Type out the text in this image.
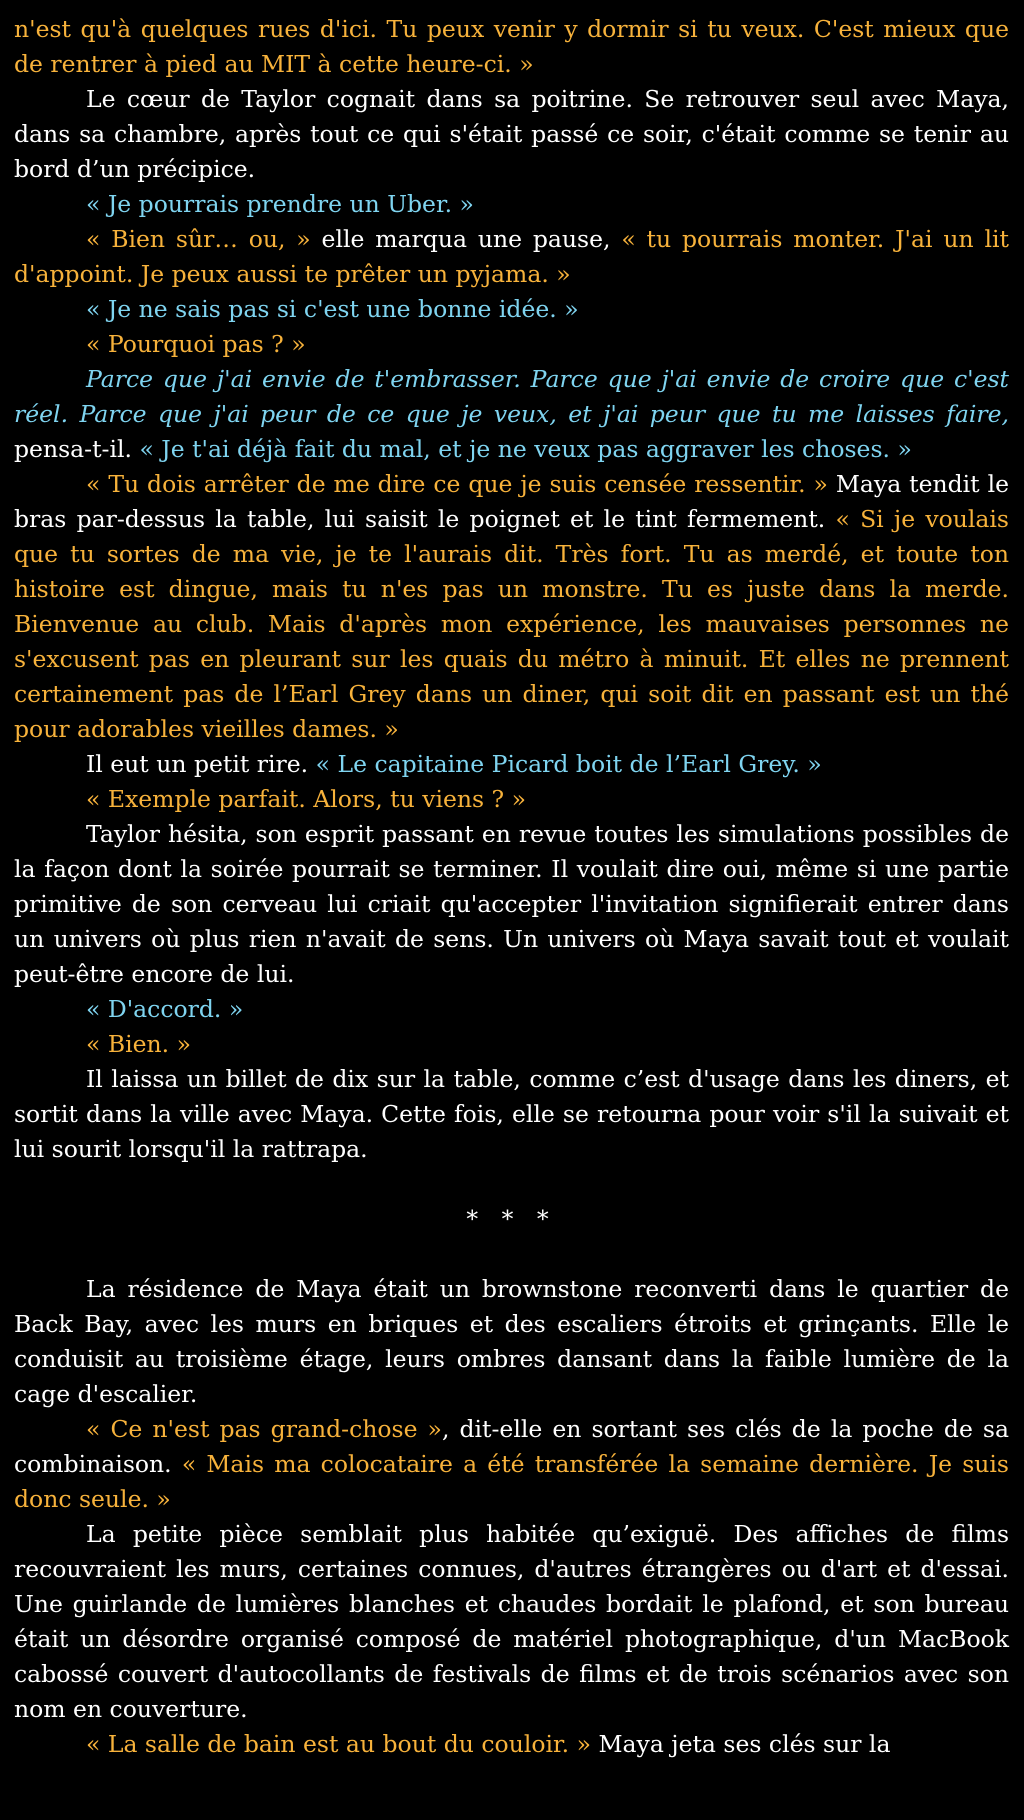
n'est qu'à quelques rues d'ici. Tu peux venir y dormir si tu veux. C'est mieux que de rentrer à pied au MIT à cette heure-ci. »

Le cœur de Taylor cognait dans sa poitrine. Se retrouver seul avec Maya, dans sa chambre, après tout ce qui s'était passé ce soir, c'était comme se tenir au bord d’un précipice.

« Je pourrais prendre un Uber. »

« Bien sûr… ou, » elle marqua une pause, « tu pourrais monter. J'ai un lit d'appoint. Je peux aussi te prêter un pyjama. »

« Je ne sais pas si c'est une bonne idée. »

« Pourquoi pas ? »

Parce que j'ai envie de t'embrasser. Parce que j'ai envie de croire que c'est réel. Parce que j'ai peur de ce que je veux, et j'ai peur que tu me laisses faire, pensa-t-il. « Je t'ai déjà fait du mal, et je ne veux pas aggraver les choses. »

« Tu dois arrêter de me dire ce que je suis censée ressentir. » Maya tendit le bras par-dessus la table, lui saisit le poignet et le tint fermement. « Si je voulais que tu sortes de ma vie, je te l'aurais dit. Très fort. Tu as merdé, et toute ton histoire est dingue, mais tu n'es pas un monstre. Tu es juste dans la merde. Bienvenue au club. Mais d'après mon expérience, les mauvaises personnes ne s'excusent pas en pleurant sur les quais du métro à minuit. Et elles ne prennent certainement pas de l’Earl Grey dans un diner, qui soit dit en passant est un thé pour adorables vieilles dames. »

Il eut un petit rire. « Le capitaine Picard boit de l’Earl Grey. »

« Exemple parfait. Alors, tu viens ? »

Taylor hésita, son esprit passant en revue toutes les simulations possibles de la façon dont la soirée pourrait se terminer. Il voulait dire oui, même si une partie primitive de son cerveau lui criait qu'accepter l'invitation signifierait entrer dans un univers où plus rien n'avait de sens. Un univers où Maya savait tout et voulait peut-être encore de lui.

« D'accord. »

« Bien. »

Il laissa un billet de dix sur la table, comme c’est d'usage dans les diners, et sortit dans la ville avec Maya. Cette fois, elle se retourna pour voir s'il la suivait et lui sourit lorsqu'il la rattrapa.

* * *

La résidence de Maya était un brownstone reconverti dans le quartier de Back Bay, avec les murs en briques et des escaliers étroits et grinçants. Elle le conduisit au troisième étage, leurs ombres dansant dans la faible lumière de la cage d'escalier.

« Ce n'est pas grand-chose », dit-elle en sortant ses clés de la poche de sa combinaison. « Mais ma colocataire a été transférée la semaine dernière. Je suis donc seule. »

La petite pièce semblait plus habitée qu’exiguë. Des affiches de films recouvraient les murs, certaines connues, d'autres étrangères ou d'art et d'essai. Une guirlande de lumières blanches et chaudes bordait le plafond, et son bureau était un désordre organisé composé de matériel photographique, d'un MacBook cabossé couvert d'autocollants de festivals de films et de trois scénarios avec son nom en couverture.

« La salle de bain est au bout du couloir. » Maya jeta ses clés sur la
